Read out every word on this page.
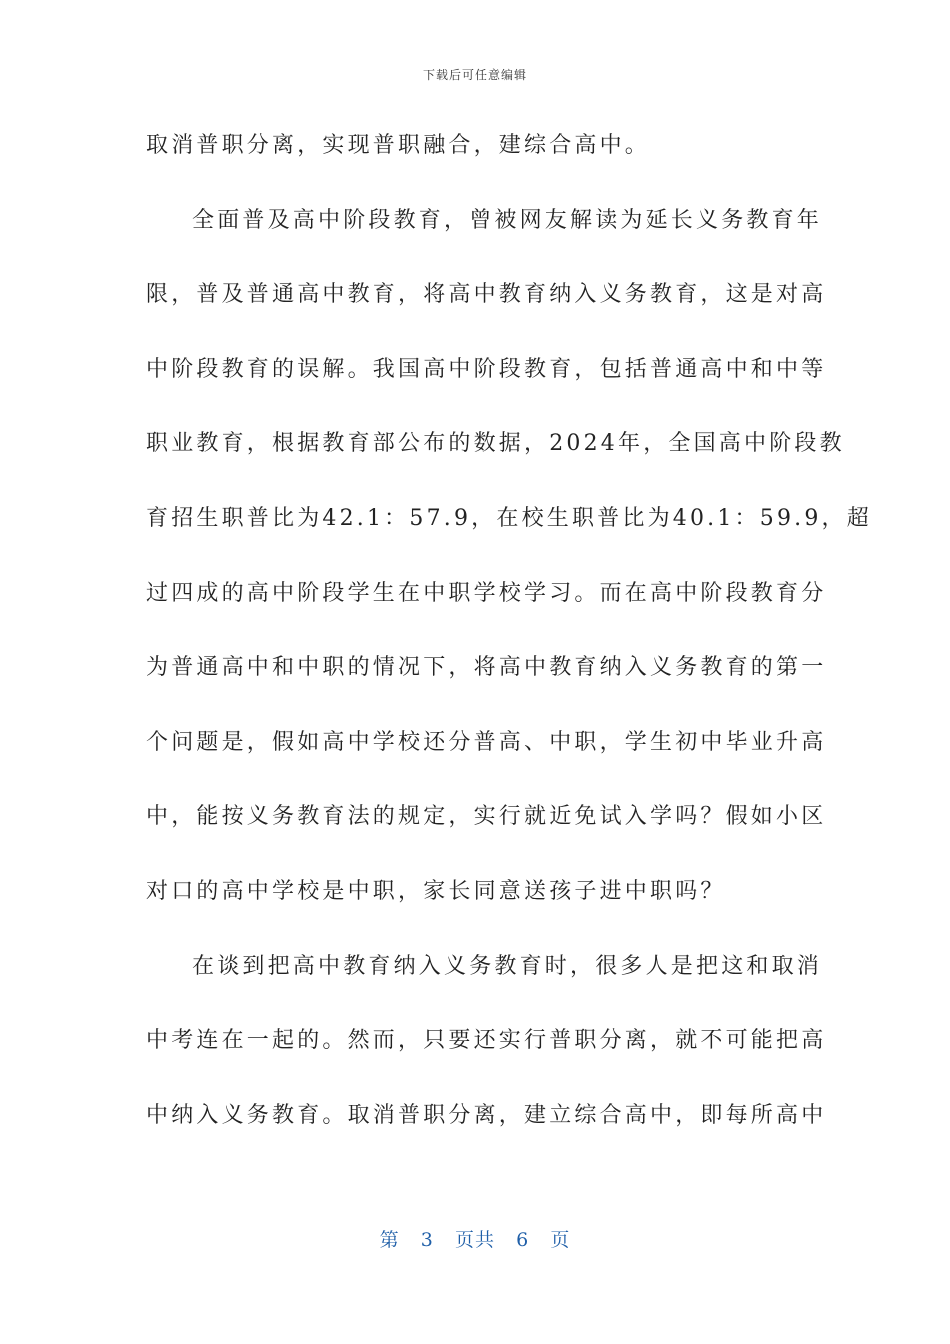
下载后可任意编辑
取消普职分离，实现普职融合，建综合高中。
全面普及高中阶段教育，曾被网友解读为延长义务教育年
限，普及普通高中教育，将高中教育纳入义务教育，这是对高
中阶段教育的误解。我国高中阶段教育，包括普通高中和中等
职业教育，根据教育部公布的数据，2024年，全国高中阶段教
育招生职普比为42.1：57.9，在校生职普比为40.1：59.9，超
过四成的高中阶段学生在中职学校学习。而在高中阶段教育分
为普通高中和中职的情况下，将高中教育纳入义务教育的第一
个问题是，假如高中学校还分普高、中职，学生初中毕业升高
中，能按义务教育法的规定，实行就近免试入学吗？假如小区
对口的高中学校是中职，家长同意送孩子进中职吗？
在谈到把高中教育纳入义务教育时，很多人是把这和取消
中考连在一起的。然而，只要还实行普职分离，就不可能把高
中纳入义务教育。取消普职分离，建立综合高中，即每所高中
第 3 页共 6 页
